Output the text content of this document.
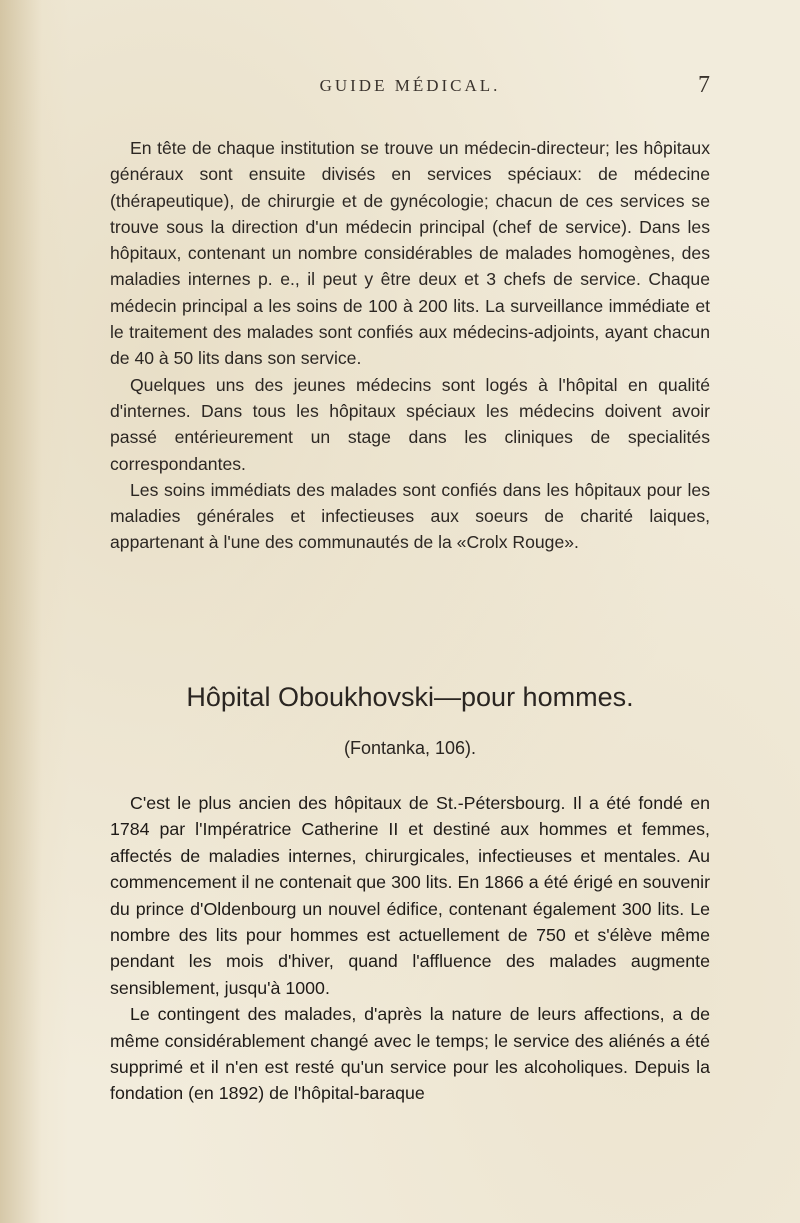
GUIDE MÉDICAL.	7

En tête de chaque institution se trouve un médecin-directeur; les hôpitaux généraux sont ensuite divisés en services spéciaux: de médecine (thérapeutique), de chirurgie et de gynécologie; chacun de ces services se trouve sous la direction d'un médecin principal (chef de service). Dans les hôpitaux, contenant un nombre considérables de malades homogènes, des maladies internes p. e., il peut y être deux et 3 chefs de service. Chaque médecin principal a les soins de 100 à 200 lits. La surveillance immédiate et le traitement des malades sont confiés aux médecins-adjoints, ayant chacun de 40 à 50 lits dans son service.

Quelques uns des jeunes médecins sont logés à l'hôpital en qualité d'internes. Dans tous les hôpitaux spéciaux les médecins doivent avoir passé entérieurement un stage dans les cliniques de specialités correspondantes.

Les soins immédiats des malades sont confiés dans les hôpitaux pour les maladies générales et infectieuses aux soeurs de charité laiques, appartenant à l'une des communautés de la «Crolx Rouge».

Hôpital Oboukhovski—pour hommes.
(Fontanka, 106).

C'est le plus ancien des hôpitaux de St.-Pétersbourg. Il a été fondé en 1784 par l'Impératrice Catherine II et destiné aux hommes et femmes, affectés de maladies internes, chirurgicales, infectieuses et mentales. Au commencement il ne contenait que 300 lits. En 1866 a été érigé en souvenir du prince d'Oldenbourg un nouvel édifice, contenant également 300 lits. Le nombre des lits pour hommes est actuellement de 750 et s'élève même pendant les mois d'hiver, quand l'affluence des malades augmente sensiblement, jusqu'à 1000.

Le contingent des malades, d'après la nature de leurs affections, a de même considérablement changé avec le temps; le service des aliénés a été supprimé et il n'en est resté qu'un service pour les alcoholiques. Depuis la fondation (en 1892) de l'hôpital-baraque
